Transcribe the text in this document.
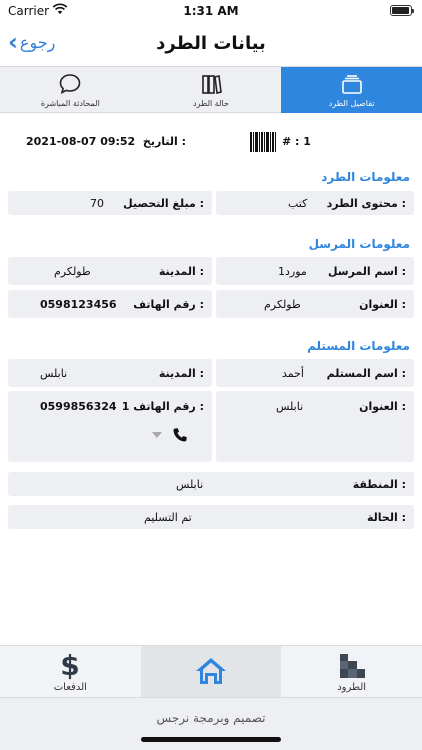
Carrier	1:31 AM
‹ رجوع	بيانات الطرد
المحادثة المباشرة	حالة الطرد	تفاصيل الطرد
2021-08-07 09:52 التاريخ :	# : 1
معلومات الطرد
محتوى الطرد :
كتب
مبلغ التحصيل :
70
معلومات المرسل
اسم المرسل :
مورد1
المدينة :
طولكرم
العنوان :
طولكرم
رقم الهاتف :
0598123456
معلومات المستلم
اسم المستلم :
أحمد
المدينة :
نابلس
العنوان :
نابلس
رقم الهاتف 1 :
0599856324
المنطقة :
نابلس
الحالة :
تم التسليم
$
الدفعات	الطرود
تصميم وبرمجة نرجس
